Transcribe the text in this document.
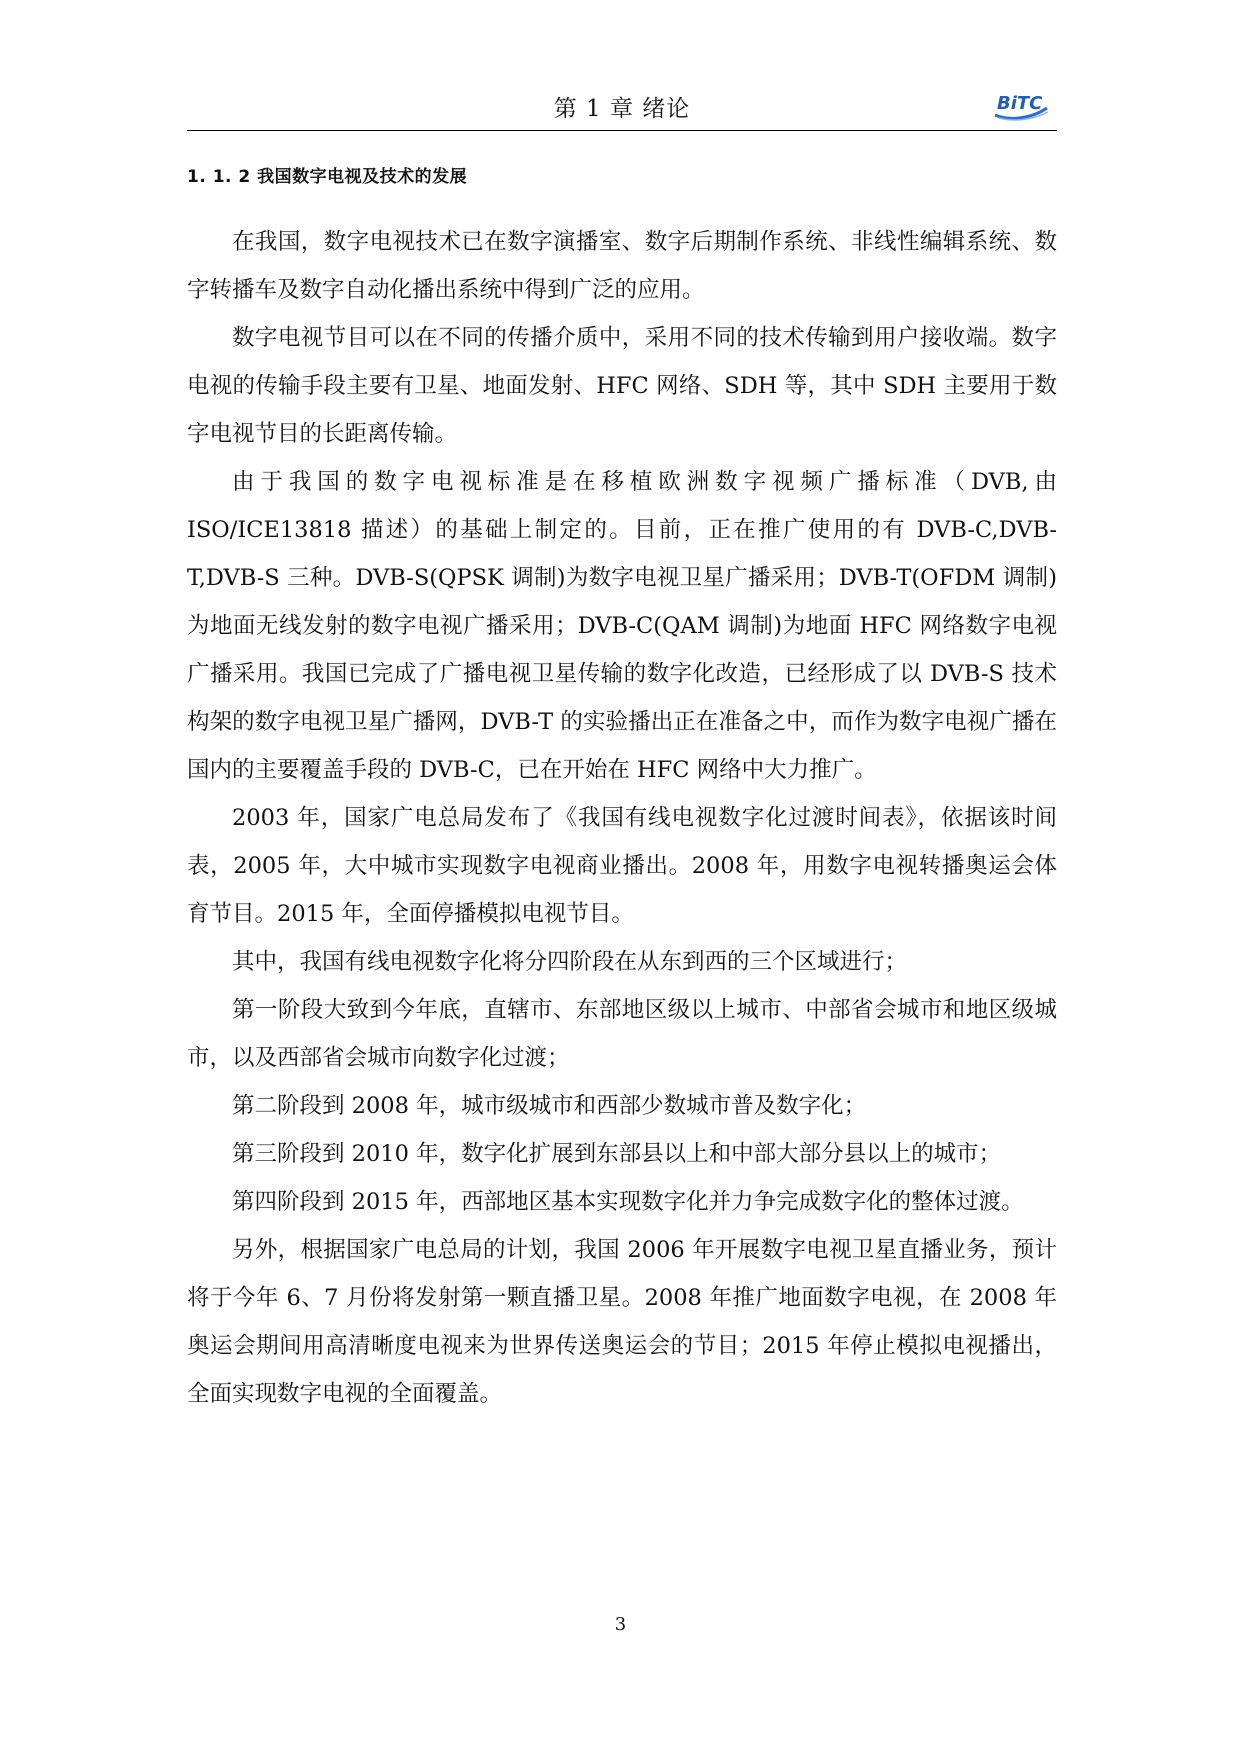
第 1 章 绪论	BiTC
1. 1. 2 我国数字电视及技术的发展

在我国，数字电视技术已在数字演播室、数字后期制作系统、非线性编辑系统、数字转播车及数字自动化播出系统中得到广泛的应用。

数字电视节目可以在不同的传播介质中，采用不同的技术传输到用户接收端。数字电视的传输手段主要有卫星、地面发射、HFC 网络、SDH 等，其中 SDH 主要用于数字电视节目的长距离传输。

由于我国的数字电视标准是在移植欧洲数字视频广播标准（DVB,由 ISO/ICE13818 描述）的基础上制定的。目前，正在推广使用的有 DVB-C,DVB-T,DVB-S 三种。DVB-S(QPSK 调制)为数字电视卫星广播采用；DVB-T(OFDM 调制)为地面无线发射的数字电视广播采用；DVB-C(QAM 调制)为地面 HFC 网络数字电视广播采用。我国已完成了广播电视卫星传输的数字化改造，已经形成了以 DVB-S 技术构架的数字电视卫星广播网，DVB-T 的实验播出正在准备之中，而作为数字电视广播在国内的主要覆盖手段的 DVB-C，已在开始在 HFC 网络中大力推广。

2003 年，国家广电总局发布了《我国有线电视数字化过渡时间表》，依据该时间表，2005 年，大中城市实现数字电视商业播出。2008 年，用数字电视转播奥运会体育节目。2015 年，全面停播模拟电视节目。

其中，我国有线电视数字化将分四阶段在从东到西的三个区域进行；

第一阶段大致到今年底，直辖市、东部地区级以上城市、中部省会城市和地区级城市，以及西部省会城市向数字化过渡；

第二阶段到 2008 年，城市级城市和西部少数城市普及数字化；

第三阶段到 2010 年，数字化扩展到东部县以上和中部大部分县以上的城市；

第四阶段到 2015 年，西部地区基本实现数字化并力争完成数字化的整体过渡。

另外，根据国家广电总局的计划，我国 2006 年开展数字电视卫星直播业务，预计将于今年 6、7 月份将发射第一颗直播卫星。2008 年推广地面数字电视，在 2008 年奥运会期间用高清晰度电视来为世界传送奥运会的节目；2015 年停止模拟电视播出，全面实现数字电视的全面覆盖。

3
